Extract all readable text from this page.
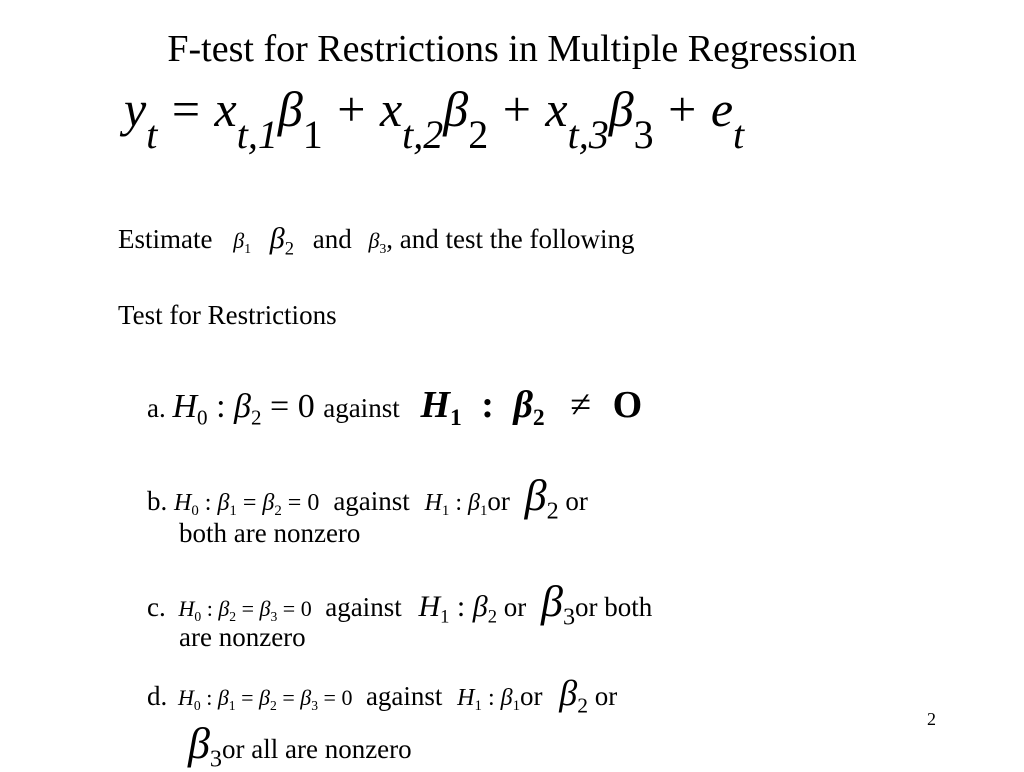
F-test for Restrictions in Multiple Regression
$y_t = x_{t,1}\beta_1 + x_{t,2}\beta_2 + x_{t,3}\beta_3 + e_t$
Estimate $\beta_1$ $\beta_2$ and $\beta_3$, and test the following
Test for Restrictions
a. $H_0$ : $\beta_2 = 0$ against $H_1$ : $\beta_2 \ne O$
b. $H_0$ : $\beta_1 = \beta_2 = 0$ against $H_1$ : $\beta_1or$ $\beta_2$ or
both are nonzero
c. $H_0$ : $\beta_2 = \beta_3 = 0$ against $H_1$ : $\beta_2$ or $\beta_3or$ both
are nonzero
d. $H_0$ : $\beta_1 = \beta_2 = \beta_3 = 0$ against $H_1$ : $\beta_1or$ $\beta_2$ or
$\beta_3or$ all are nonzero
2
